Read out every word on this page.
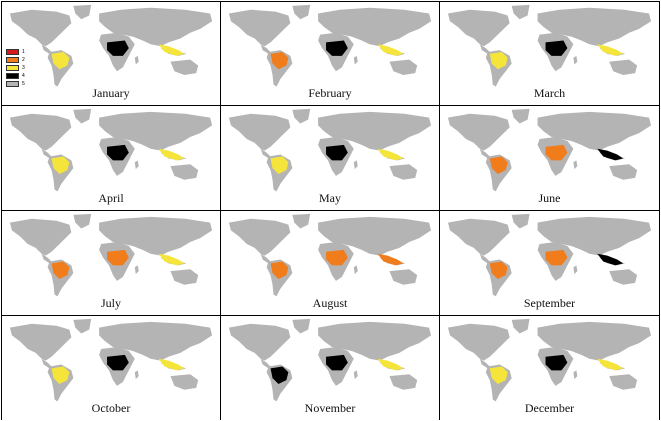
January
1
2
3
4
5
February	March
April	May	June
July	August	September
October	November	December
